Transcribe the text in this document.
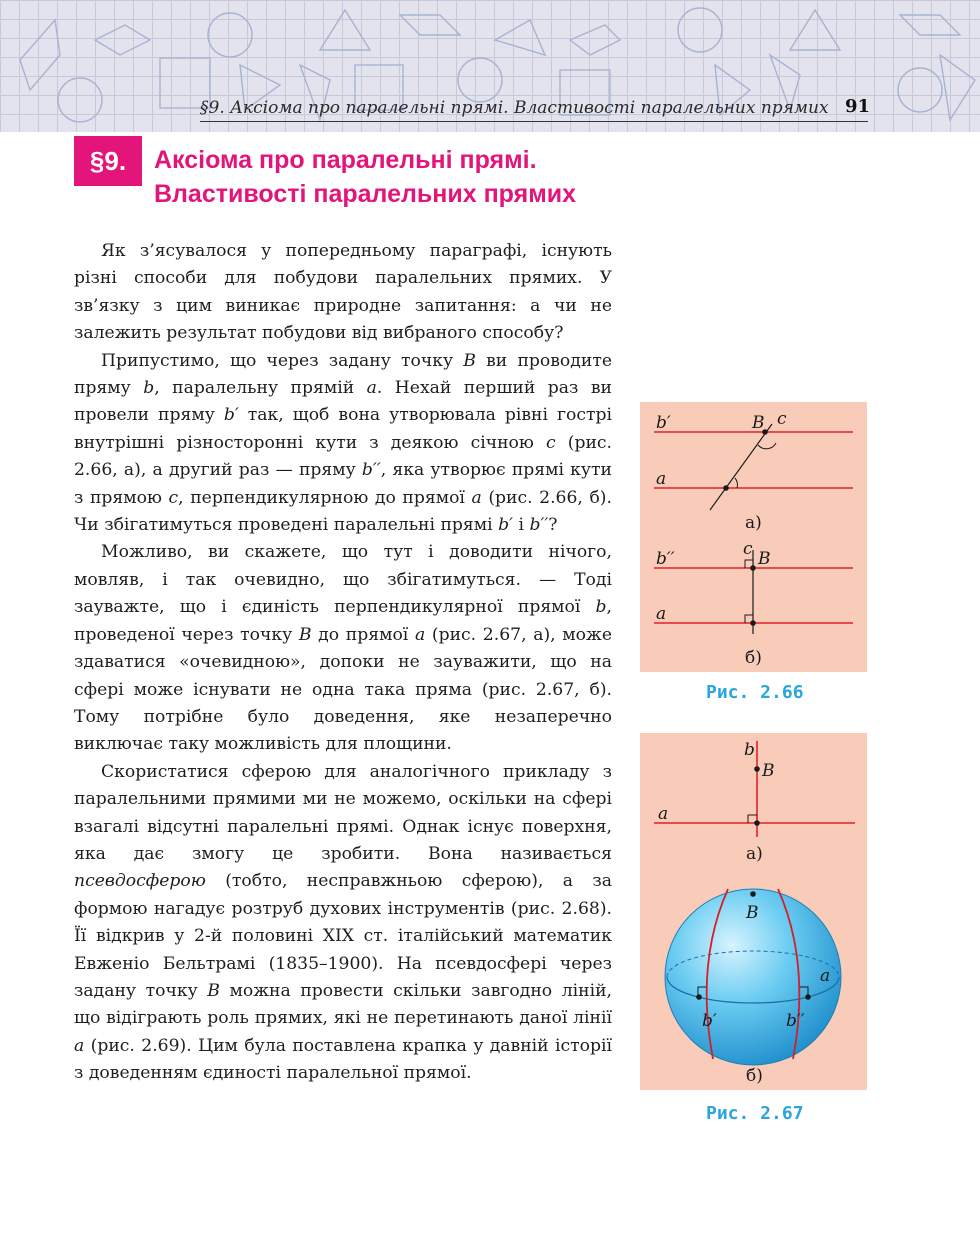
§9. Аксіома про паралельні прямі. Властивості паралельних прямих 91
§9.	Аксіома про паралельні прямі.
Властивості паралельних прямих

Як з’ясувалося у попередньому параграфі, існують різні способи для побудови паралельних прямих. У зв’язку з цим виникає природне запитання: а чи не залежить результат побудови від вибраного способу?

Припустимо, що через задану точку B ви проводите пряму b, паралельну прямій a. Нехай перший раз ви провели пряму b′ так, щоб вона утворювала рівні гострі внутрішні різносторонні кути з деякою січною c (рис. 2.66, а), а другий раз — пряму b′′, яка утворює прямі кути з прямою c, перпендикулярною до прямої a (рис. 2.66, б). Чи збігатимуться проведені паралельні прямі b′ і b′′?

Можливо, ви скажете, що тут і доводити нічого, мовляв, і так очевидно, що збігатимуться. — Тоді зауважте, що і єдиність перпендикулярної прямої b, проведеної через точку B до прямої a (рис. 2.67, а), може здаватися «очевидною», допоки не зауважити, що на сфері може існувати не одна така пряма (рис. 2.67, б). Тому потрібне було доведення, яке незаперечно виключає таку можливість для площини.

Скористатися сферою для аналогічного прикладу з паралельними прямими ми не можемо, оскільки на сфері взагалі відсутні паралельні прямі. Однак існує поверхня, яка дає змогу це зробити. Вона називається псевдосферою (тобто, несправжньою сферою), а за формою нагадує розтруб духових інструментів (рис. 2.68). Її відкрив у 2-й половині XIX ст. італійський математик Евженіо Бельтрамі (1835–1900). На псевдосфері через задану точку B можна провести скільки завгодно ліній, що відіграють роль прямих, які не перетинають даної лінії a (рис. 2.69). Цим була поставлена крапка у давній історії з доведенням єдиності паралельної прямої.

b′
a
B c
а)
b′′
a
B
c
б)
Рис. 2.66
b
B
a
а)
B
a
b′	b′′
б)
Рис. 2.67
